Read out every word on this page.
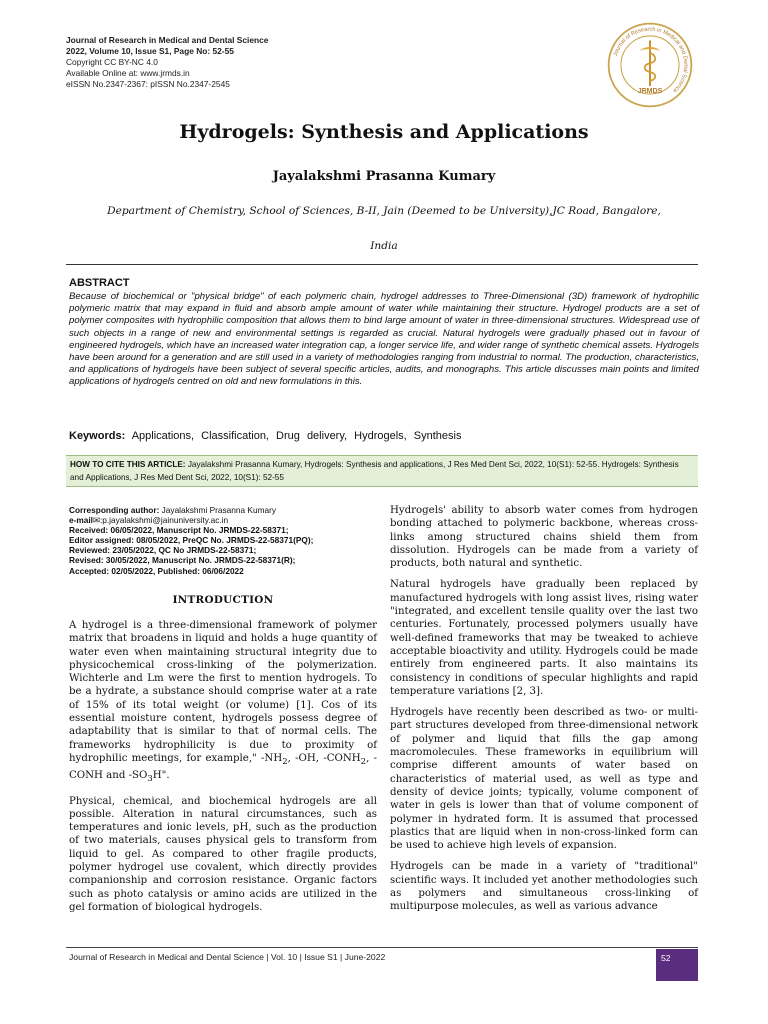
Journal of Research in Medical and Dental Science
2022, Volume 10, Issue S1, Page No: 52-55
Copyright CC BY-NC 4.0
Available Online at: www.jrmds.in
eISSN No.2347-2367: pISSN No.2347-2545
Journal of Research in Medical and Dental Science
JRMDS
Hydrogels: Synthesis and Applications
Jayalakshmi Prasanna Kumary
Department of Chemistry, School of Sciences, B-II, Jain (Deemed to be University),JC Road, Bangalore,
India
ABSTRACT

Because of biochemical or "physical bridge" of each polymeric chain, hydrogel addresses to Three-Dimensional (3D) framework of hydrophilic polymeric matrix that may expand in fluid and absorb ample amount of water while maintaining their structure. Hydrogel products are a set of polymer composites with hydrophilic composition that allows them to bind large amount of water in three-dimensional structures. Widespread use of such objects in a range of new and environmental settings is regarded as crucial. Natural hydrogels were gradually phased out in favour of engineered hydrogels, which have an increased water integration cap, a longer service life, and wider range of synthetic chemical assets. Hydrogels have been around for a generation and are still used in a variety of methodologies ranging from industrial to normal. The production, characteristics, and applications of hydrogels have been subject of several specific articles, audits, and monographs. This article discusses main points and limited applications of hydrogels centred on old and new formulations in this.

Keywords: Applications, Classification, Drug delivery, Hydrogels, Synthesis
HOW TO CITE THIS ARTICLE: Jayalakshmi Prasanna Kumary, Hydrogels: Synthesis and applications, J Res Med Dent Sci, 2022, 10(S1): 52-55. Hydrogels: Synthesis and Applications, J Res Med Dent Sci, 2022, 10(S1): 52-55
Corresponding author: Jayalakshmi Prasanna Kumary
e-mail✉:p.jayalakshmi@jainuniversity.ac.in
Received: 06/05/2022, Manuscript No. JRMDS-22-58371;
Editor assigned: 08/05/2022, PreQC No. JRMDS-22-58371(PQ);
Reviewed: 23/05/2022, QC No JRMDS-22-58371;
Revised: 30/05/2022, Manuscript No. JRMDS-22-58371(R);
Accepted: 02/05/2022, Published: 06/06/2022
INTRODUCTION

A hydrogel is a three-dimensional framework of polymer matrix that broadens in liquid and holds a huge quantity of water even when maintaining structural integrity due to physicochemical cross-linking of the polymerization. Wichterle and Lm were the first to mention hydrogels. To be a hydrate, a substance should comprise water at a rate of 15% of its total weight (or volume) [1]. Cos of its essential moisture content, hydrogels possess degree of adaptability that is similar to that of normal cells. The frameworks hydrophilicity is due to proximity of hydrophilic meetings, for example," $-NH_2$, -OH, $-CONH_2$, -CONH and $-SO_3H$".

Physical, chemical, and biochemical hydrogels are all possible. Alteration in natural circumstances, such as temperatures and ionic levels, pH, such as the production of two materials, causes physical gels to transform from liquid to gel. As compared to other fragile products, polymer hydrogel use covalent, which directly provides companionship and corrosion resistance. Organic factors such as photo catalysis or amino acids are utilized in the gel formation of biological hydrogels.

Hydrogels' ability to absorb water comes from hydrogen bonding attached to polymeric backbone, whereas cross-links among structured chains shield them from dissolution. Hydrogels can be made from a variety of products, both natural and synthetic.

Natural hydrogels have gradually been replaced by manufactured hydrogels with long assist lives, rising water "integrated, and excellent tensile quality over the last two centuries. Fortunately, processed polymers usually have well-defined frameworks that may be tweaked to achieve acceptable bioactivity and utility. Hydrogels could be made entirely from engineered parts. It also maintains its consistency in conditions of specular highlights and rapid temperature variations [2, 3].

Hydrogels have recently been described as two- or multi-part structures developed from three-dimensional network of polymer and liquid that fills the gap among macromolecules. These frameworks in equilibrium will comprise different amounts of water based on characteristics of material used, as well as type and density of device joints; typically, volume component of water in gels is lower than that of volume component of polymer in hydrated form. It is assumed that processed plastics that are liquid when in non-cross-linked form can be used to achieve high levels of expansion.

Hydrogels can be made in a variety of "traditional" scientific ways. It included yet another methodologies such as polymers and simultaneous cross-linking of multipurpose molecules, as well as various advance

Journal of Research in Medical and Dental Science | Vol. 10 | Issue S1 | June-2022	52
